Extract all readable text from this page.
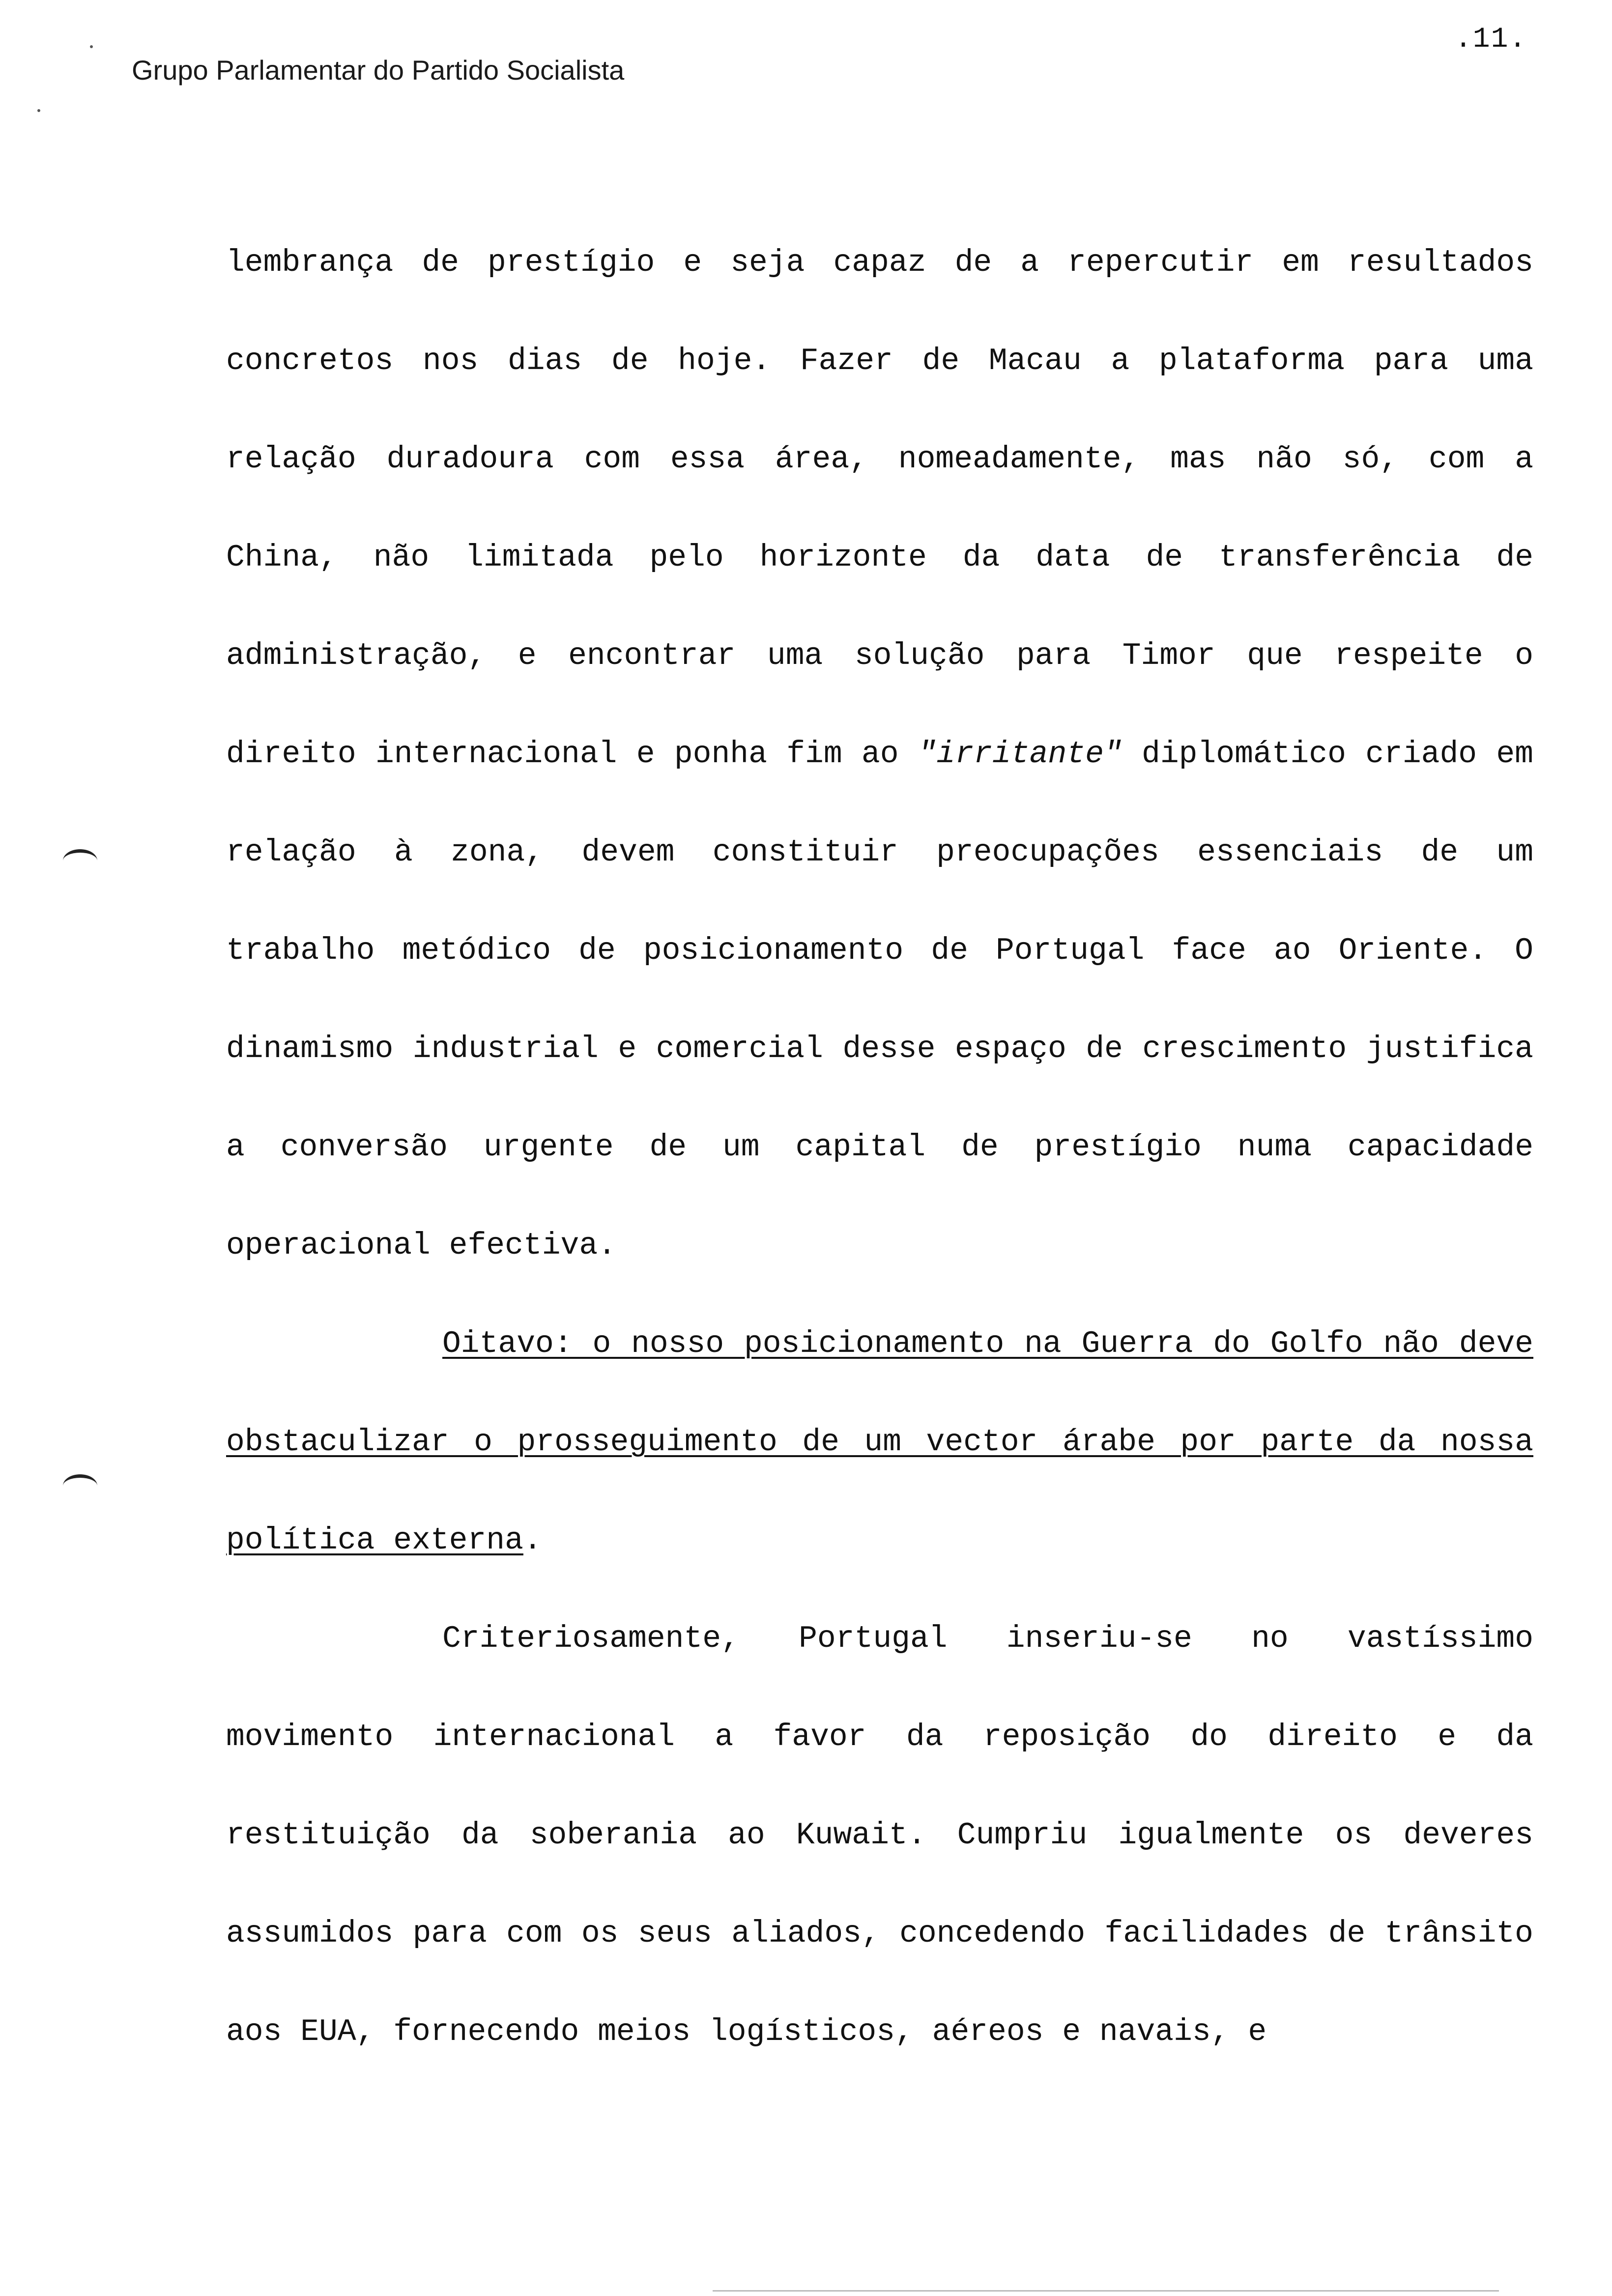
.11.
Grupo Parlamentar do Partido Socialista

lembrança de prestígio e seja capaz de a repercutir em resultados concretos nos dias de hoje. Fazer de Macau a plataforma para uma relação duradoura com essa área, nomeadamente, mas não só, com a China, não limitada pelo horizonte da data de transferência de administração, e encontrar uma solução para Timor que respeite o direito internacional e ponha fim ao "irritante" diplomático criado em relação à zona, devem constituir preocupações essenciais de um trabalho metódico de posicionamento de Portugal face ao Oriente. O dinamismo industrial e comercial desse espaço de crescimento justifica a conversão urgente de um capital de prestígio numa capacidade operacional efectiva.

Oitavo: o nosso posicionamento na Guerra do Golfo não deve obstaculizar o prosseguimento de um vector árabe por parte da nossa política externa.

Criteriosamente, Portugal inseriu-se no vastíssimo movimento internacional a favor da reposição do direito e da restituição da soberania ao Kuwait. Cumpriu igualmente os deveres assumidos para com os seus aliados, concedendo facilidades de trânsito aos EUA, fornecendo meios logísticos, aéreos e navais, e
